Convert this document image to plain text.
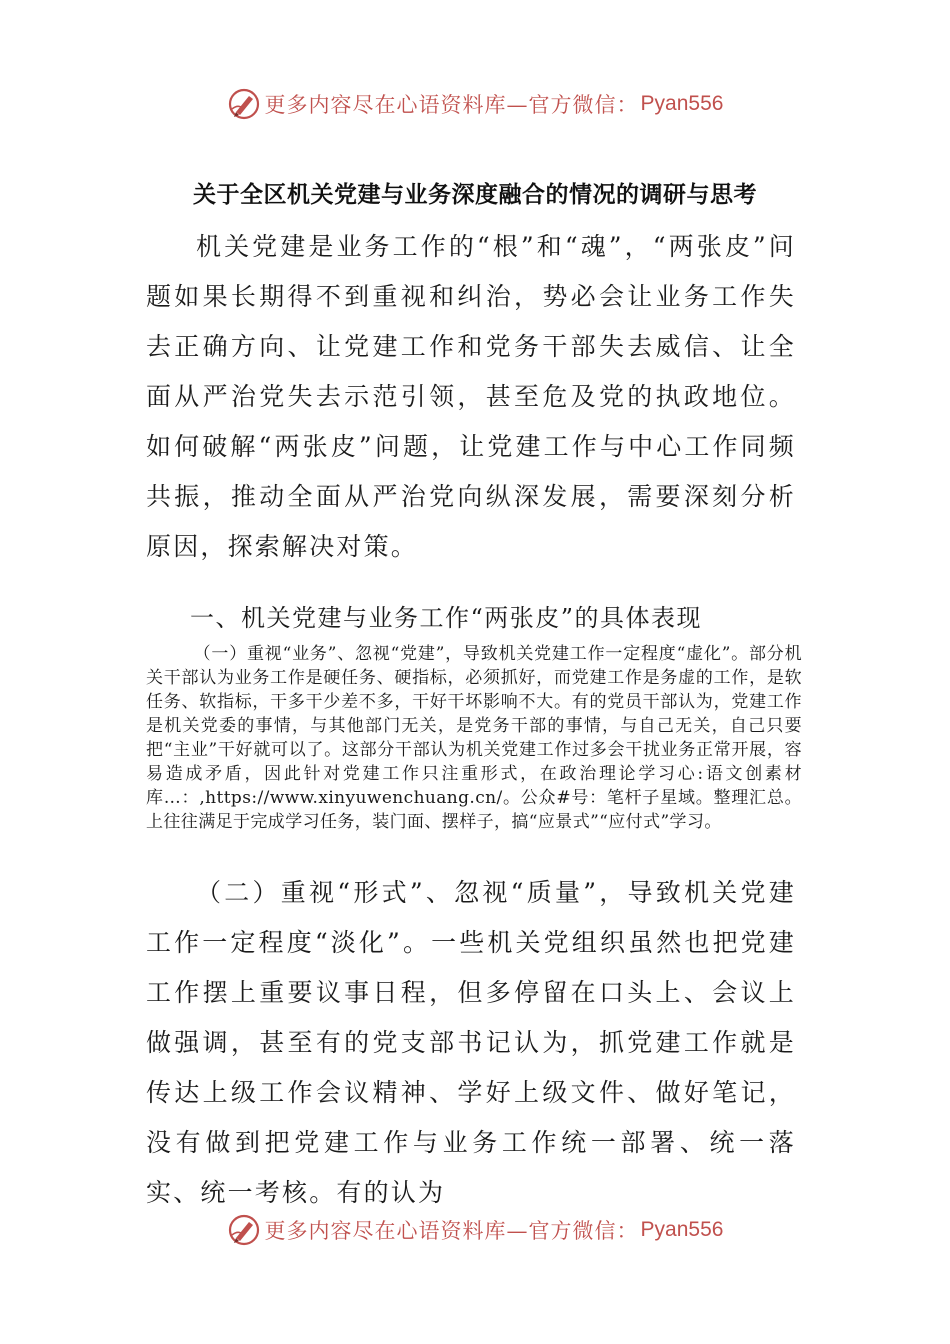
更多内容尽在心语资料库—官方微信： Pyan556
关于全区机关党建与业务深度融合的情况的调研与思考

机关党建是业务工作的“根”和“魂”，“两张皮”问题如果长期得不到重视和纠治，势必会让业务工作失去正确方向、让党建工作和党务干部失去威信、让全面从严治党失去示范引领，甚至危及党的执政地位。如何破解“两张皮”问题，让党建工作与中心工作同频共振，推动全面从严治党向纵深发展，需要深刻分析原因，探索解决对策。

一、机关党建与业务工作“两张皮”的具体表现

（一）重视“业务”、忽视“党建”，导致机关党建工作一定程度“虚化”。部分机关干部认为业务工作是硬任务、硬指标，必须抓好，而党建工作是务虚的工作，是软任务、软指标，干多干少差不多，干好干坏影响不大。有的党员干部认为，党建工作是机关党委的事情，与其他部门无关，是党务干部的事情，与自己无关，自己只要把“主业”干好就可以了。这部分干部认为机关党建工作过多会干扰业务正常开展，容易造成矛盾，因此针对党建工作只注重形式，在政治理论学习心:语文创素材库…：,https://www.xinyuwenchuang.cn/。公众#号：笔杆子星域。整理汇总。上往往满足于完成学习任务，装门面、摆样子，搞“应景式”“应付式”学习。

（二）重视“形式”、忽视“质量”，导致机关党建工作一定程度“淡化”。一些机关党组织虽然也把党建工作摆上重要议事日程，但多停留在口头上、会议上做强调，甚至有的党支部书记认为，抓党建工作就是传达上级工作会议精神、学好上级文件、做好笔记，没有做到把党建工作与业务工作统一部署、统一落实、统一考核。有的认为

更多内容尽在心语资料库—官方微信： Pyan556
